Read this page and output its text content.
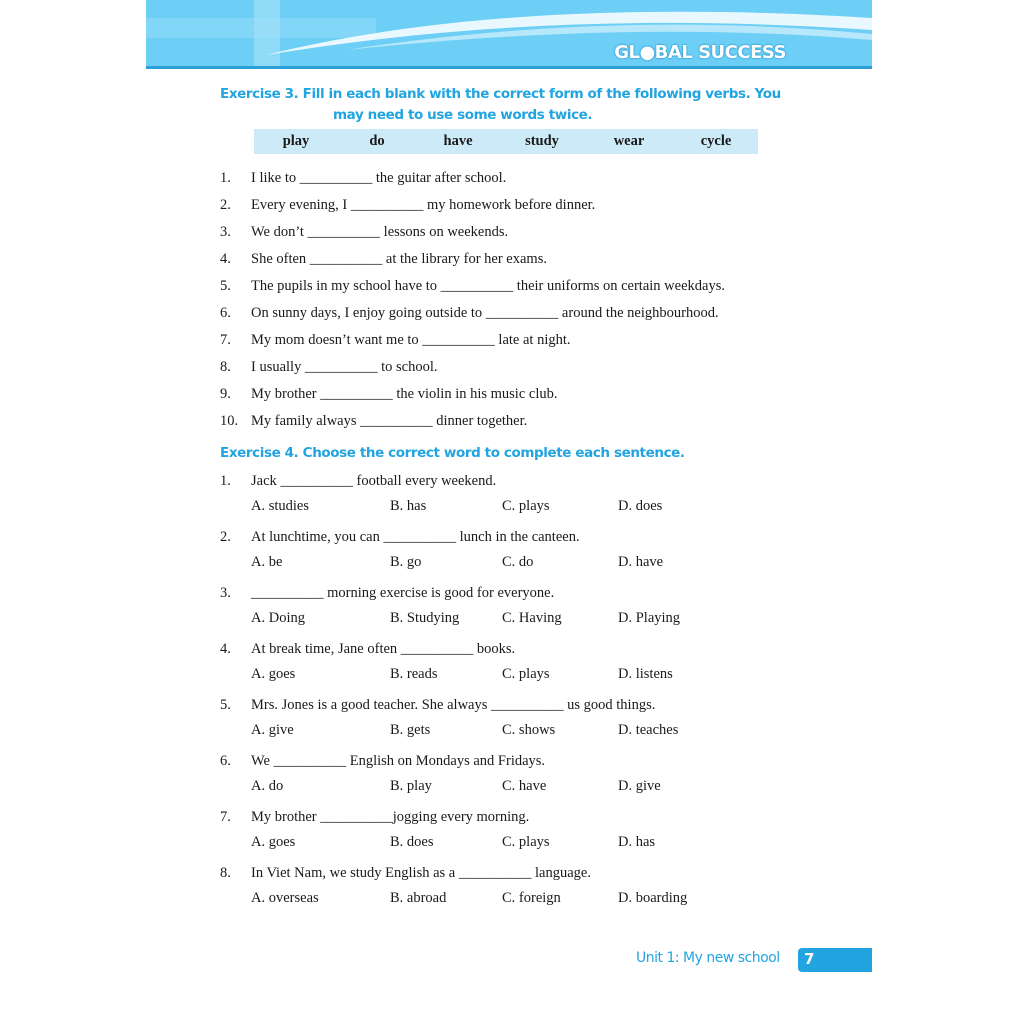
GL●BAL SUCCESS
Exercise 3. Fill in each blank with the correct form of the following verbs. You
may need to use some words twice.
play	do	have	study	wear	cycle
1.	I like to __________ the guitar after school.
2.	Every evening, I __________ my homework before dinner.
3.	We don’t __________ lessons on weekends.
4.	She often __________ at the library for her exams.
5.	The pupils in my school have to __________ their uniforms on certain weekdays.
6.	On sunny days, I enjoy going outside to __________ around the neighbourhood.
7.	My mom doesn’t want me to __________ late at night.
8.	I usually __________ to school.
9.	My brother __________ the violin in his music club.
10. My family always __________ dinner together.
Exercise 4. Choose the correct word to complete each sentence.
1.	Jack __________ football every weekend.
A. studies	B. has	C. plays	D. does
2.	At lunchtime, you can __________ lunch in the canteen.
A. be	B. go	C. do	D. have
3.	__________ morning exercise is good for everyone.
A. Doing	B. Studying	C. Having	D. Playing
4.	At break time, Jane often __________ books.
A. goes	B. reads	C. plays	D. listens
5.	Mrs. Jones is a good teacher. She always __________ us good things.
A. give	B. gets	C. shows	D. teaches
6.	We __________ English on Mondays and Fridays.
A. do	B. play	C. have	D. give
7.	My brother __________jogging every morning.
A. goes	B. does	C. plays	D. has
8.	In Viet Nam, we study English as a __________ language.
A. overseas	B. abroad	C. foreign	D. boarding
Unit 1: My new school 7
